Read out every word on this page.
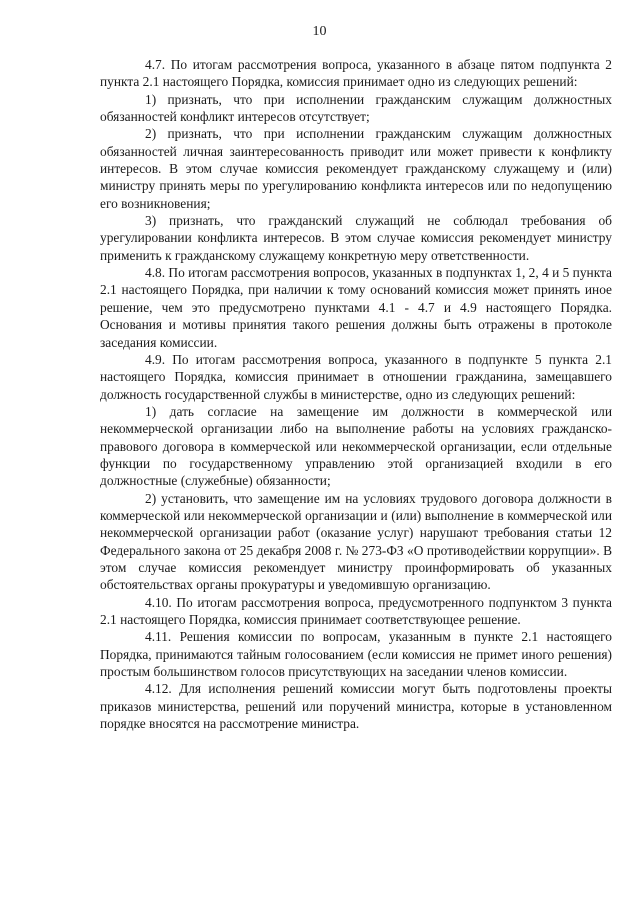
10

4.7. По итогам рассмотрения вопроса, указанного в абзаце пятом подпункта 2 пункта 2.1 настоящего Порядка, комиссия принимает одно из следующих решений:

1) признать, что при исполнении гражданским служащим должностных обязанностей конфликт интересов отсутствует;

2) признать, что при исполнении гражданским служащим должностных обязанностей личная заинтересованность приводит или может привести к конфликту интересов. В этом случае комиссия рекомендует гражданскому служащему и (или) министру принять меры по урегулированию конфликта интересов или по недопущению его возникновения;

3) признать, что гражданский служащий не соблюдал требования об урегулировании конфликта интересов. В этом случае комиссия рекомендует министру применить к гражданскому служащему конкретную меру ответственности.

4.8. По итогам рассмотрения вопросов, указанных в подпунктах 1, 2, 4 и 5 пункта 2.1 настоящего Порядка, при наличии к тому оснований комиссия может принять иное решение, чем это предусмотрено пунктами 4.1 - 4.7 и 4.9 настоящего Порядка. Основания и мотивы принятия такого решения должны быть отражены в протоколе заседания комиссии.

4.9. По итогам рассмотрения вопроса, указанного в подпункте 5 пункта 2.1 настоящего Порядка, комиссия принимает в отношении гражданина, замещавшего должность государственной службы в министерстве, одно из следующих решений:

1) дать согласие на замещение им должности в коммерческой или некоммерческой организации либо на выполнение работы на условиях гражданско-правового договора в коммерческой или некоммерческой организации, если отдельные функции по государственному управлению этой организацией входили в его должностные (служебные) обязанности;

2) установить, что замещение им на условиях трудового договора должности в коммерческой или некоммерческой организации и (или) выполнение в коммерческой или некоммерческой организации работ (оказание услуг) нарушают требования статьи 12 Федерального закона от 25 декабря 2008 г. № 273-ФЗ «О противодействии коррупции». В этом случае комиссия рекомендует министру проинформировать об указанных обстоятельствах органы прокуратуры и уведомившую организацию.

4.10. По итогам рассмотрения вопроса, предусмотренного подпунктом 3 пункта 2.1 настоящего Порядка, комиссия принимает соответствующее решение.

4.11. Решения комиссии по вопросам, указанным в пункте 2.1 настоящего Порядка, принимаются тайным голосованием (если комиссия не примет иного решения) простым большинством голосов присутствующих на заседании членов комиссии.

4.12. Для исполнения решений комиссии могут быть подготовлены проекты приказов министерства, решений или поручений министра, которые в установленном порядке вносятся на рассмотрение министра.
